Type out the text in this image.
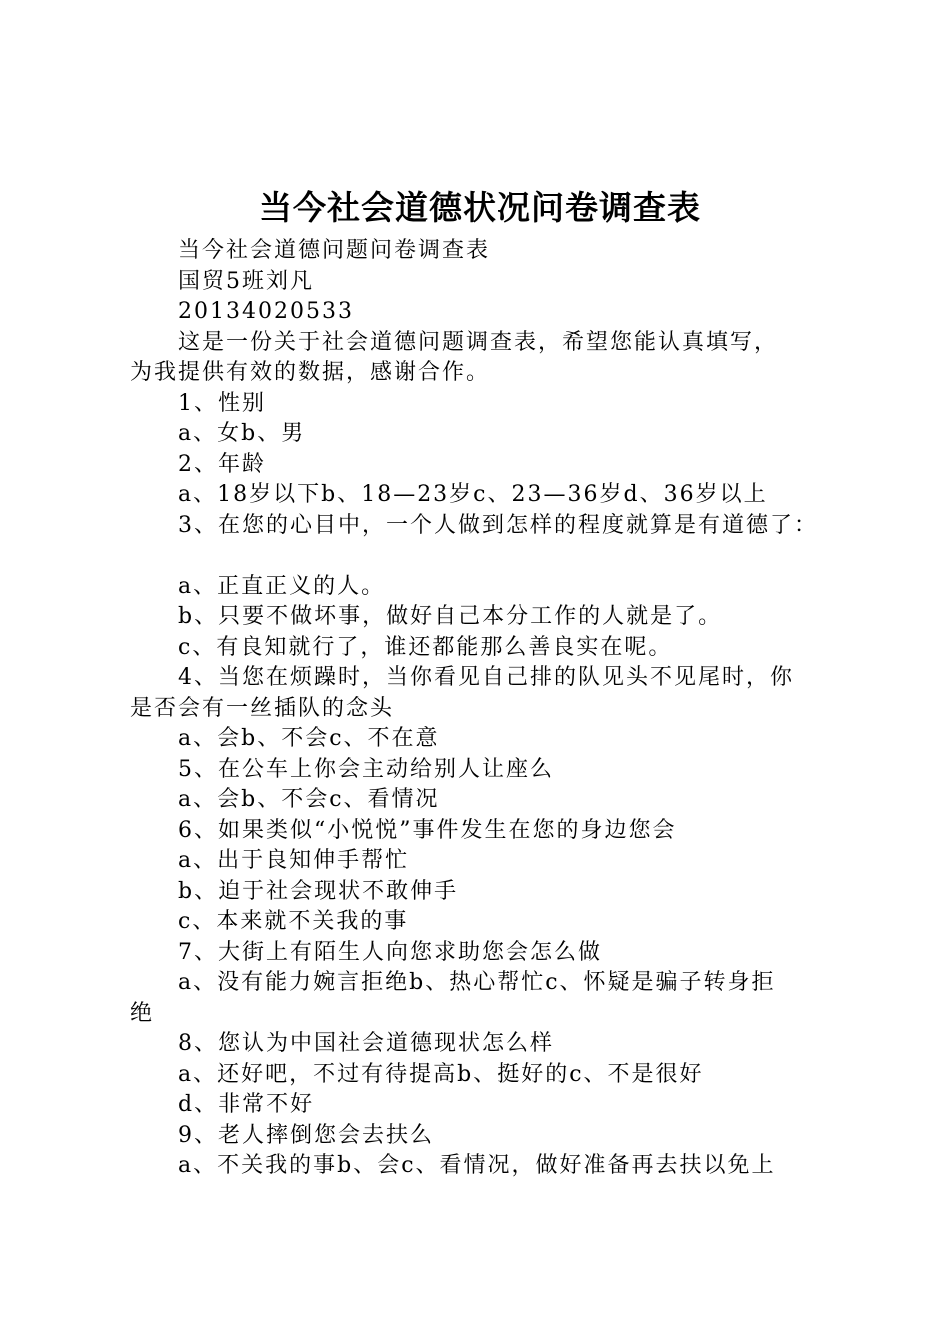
当今社会道德状况问卷调查表
当今社会道德问题问卷调查表
国贸5班刘凡
20134020533
这是一份关于社会道德问题调查表，希望您能认真填写，
为我提供有效的数据，感谢合作。
1、性别
a、女b、男
2、年龄
a、18岁以下b、18—23岁c、23—36岁d、36岁以上
3、在您的心目中，一个人做到怎样的程度就算是有道德了：
a、正直正义的人。
b、只要不做坏事，做好自己本分工作的人就是了。
c、有良知就行了，谁还都能那么善良实在呢。
4、当您在烦躁时，当你看见自己排的队见头不见尾时，你
是否会有一丝插队的念头
a、会b、不会c、不在意
5、在公车上你会主动给别人让座么
a、会b、不会c、看情况
6、如果类似“小悦悦”事件发生在您的身边您会
a、出于良知伸手帮忙
b、迫于社会现状不敢伸手
c、本来就不关我的事
7、大街上有陌生人向您求助您会怎么做
a、没有能力婉言拒绝b、热心帮忙c、怀疑是骗子转身拒
绝
8、您认为中国社会道德现状怎么样
a、还好吧，不过有待提高b、挺好的c、不是很好
d、非常不好
9、老人摔倒您会去扶么
a、不关我的事b、会c、看情况，做好准备再去扶以免上
